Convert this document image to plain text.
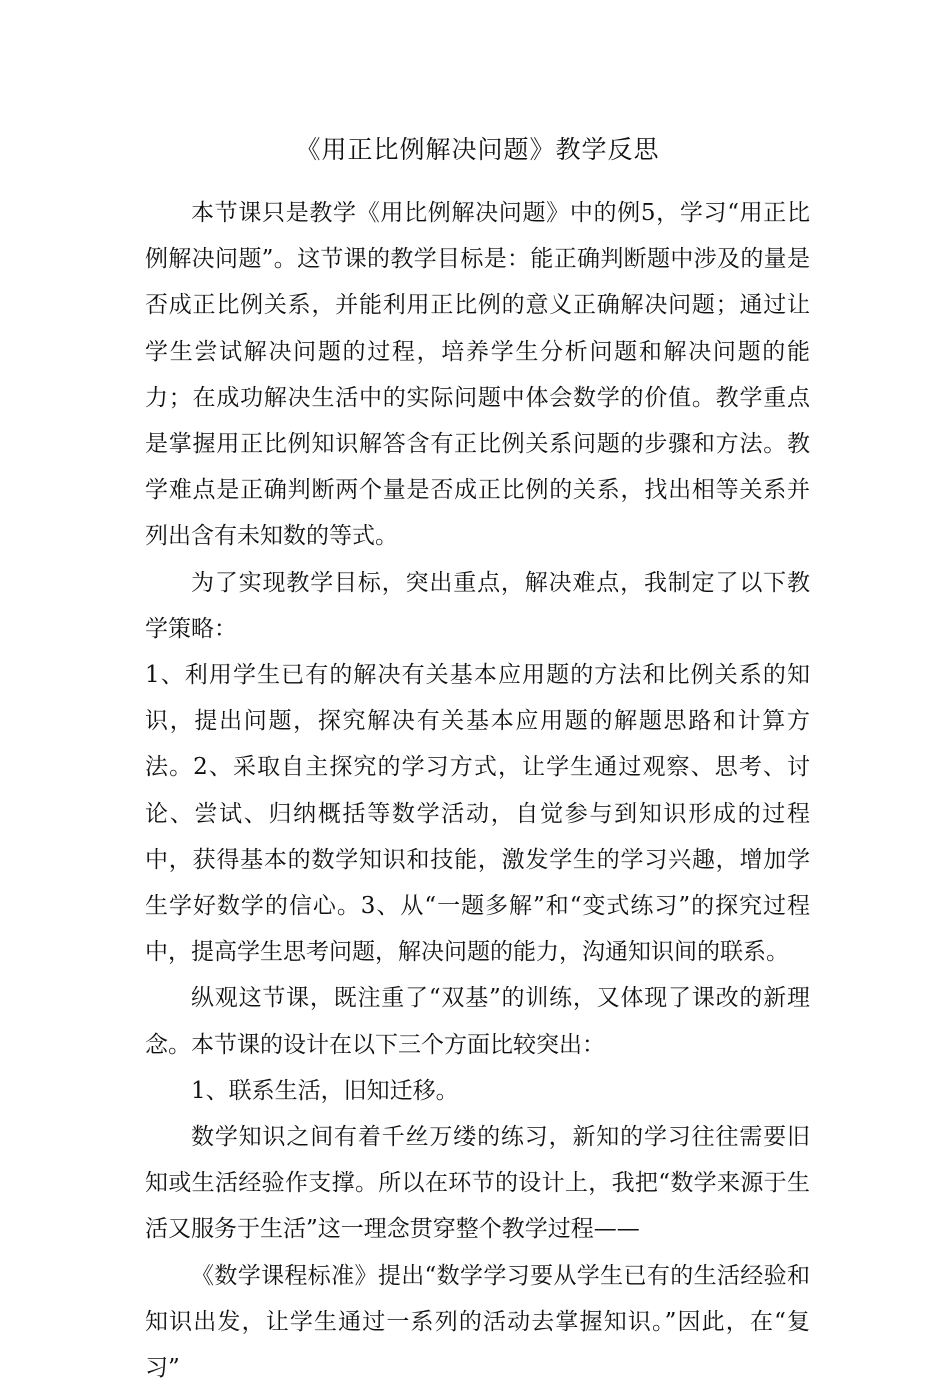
《用正比例解决问题》教学反思

本节课只是教学《用比例解决问题》中的例5，学习“用正比例解决问题”。这节课的教学目标是：能正确判断题中涉及的量是否成正比例关系，并能利用正比例的意义正确解决问题；通过让学生尝试解决问题的过程，培养学生分析问题和解决问题的能力；在成功解决生活中的实际问题中体会数学的价值。教学重点是掌握用正比例知识解答含有正比例关系问题的步骤和方法。教学难点是正确判断两个量是否成正比例的关系，找出相等关系并列出含有未知数的等式。

为了实现教学目标，突出重点，解决难点，我制定了以下教学策略：

1、利用学生已有的解决有关基本应用题的方法和比例关系的知识，提出问题，探究解决有关基本应用题的解题思路和计算方法。2、采取自主探究的学习方式，让学生通过观察、思考、讨论、尝试、归纳概括等数学活动，自觉参与到知识形成的过程中，获得基本的数学知识和技能，激发学生的学习兴趣，增加学生学好数学的信心。3、从“一题多解”和“变式练习”的探究过程中，提高学生思考问题，解决问题的能力，沟通知识间的联系。

纵观这节课，既注重了“双基”的训练，又体现了课改的新理念。本节课的设计在以下三个方面比较突出：

1、联系生活，旧知迁移。

数学知识之间有着千丝万缕的练习，新知的学习往往需要旧知或生活经验作支撑。所以在环节的设计上，我把“数学来源于生活又服务于生活”这一理念贯穿整个教学过程——

《数学课程标准》提出“数学学习要从学生已有的生活经验和知识出发，让学生通过一系列的活动去掌握知识。”因此，在“复习”
